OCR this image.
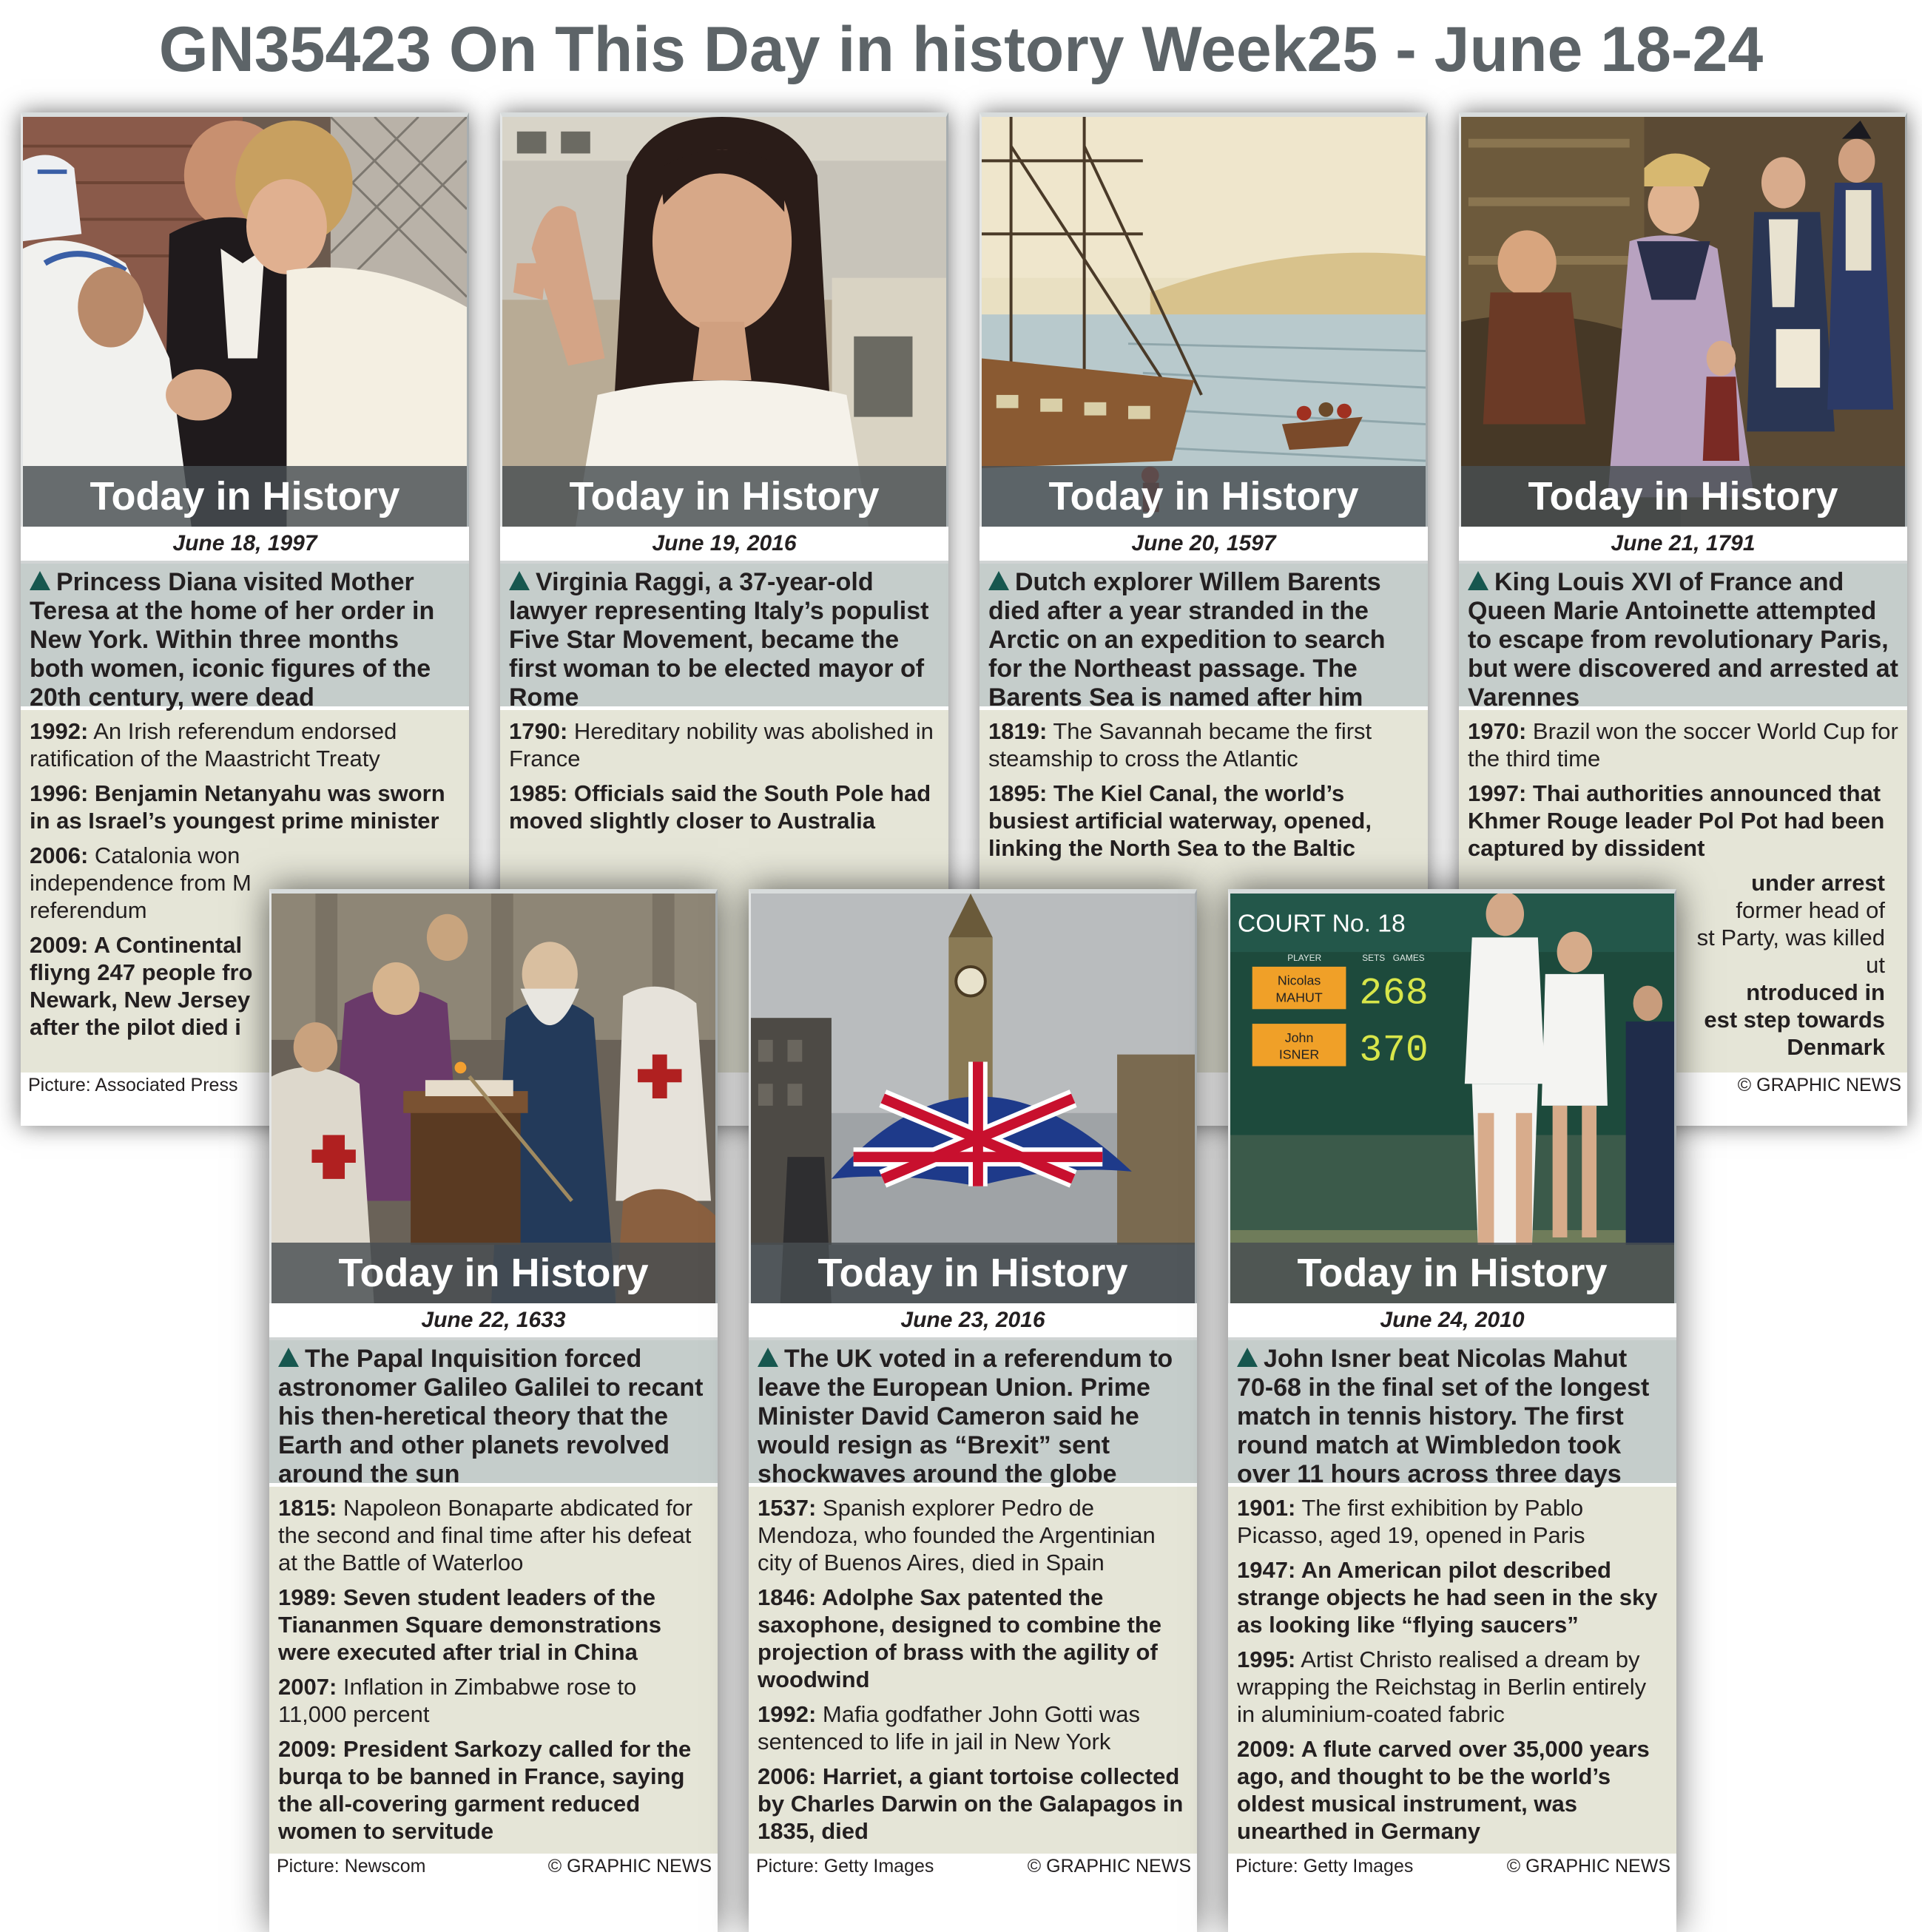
GN35423 On This Day in history Week25 - June 18-24
Today in History
June 18, 1997
Princess Diana visited Mother Teresa at the home of her order in New York. Within three months both women, iconic figures of the 20th century, were dead
1992: An Irish referendum endorsed ratification of the Maastricht Treaty
1996: Benjamin Netanyahu was sworn in as Israel’s youngest prime minister
2006: Catalonia won
independence from M
referendum
2009: A Continental
fliyng 247 people fro
Newark, New Jersey
after the pilot died i
Picture: Associated Press
Today in History
June 19, 2016
Virginia Raggi, a 37-year-old lawyer representing Italy’s populist Five Star Movement, became the first woman to be elected mayor of Rome
1790: Hereditary nobility was abolished in France
1985: Officials said the South Pole had moved slightly closer to Australia
Today in History
June 20, 1597
Dutch explorer Willem Barents died after a year stranded in the Arctic on an expedition to search for the Northeast passage. The Barents Sea is named after him
1819: The Savannah became the first steamship to cross the Atlantic
1895: The Kiel Canal, the world’s busiest artificial waterway, opened, linking the North Sea to the Baltic
Today in History
June 21, 1791
King Louis XVI of France and Queen Marie Antoinette attempted to escape from revolutionary Paris, but were discovered and arrested at Varennes
1970: Brazil won the soccer World Cup for the third time
1997: Thai authorities announced that Khmer Rouge leader Pol Pot had been captured by dissident
under arrest
former head of
st Party, was killed
ut
ntroduced in
est step towards
Denmark
© GRAPHIC NEWS
Today in History
June 22, 1633
The Papal Inquisition forced astronomer Galileo Galilei to recant his then-heretical theory that the Earth and other planets revolved around the sun
1815: Napoleon Bonaparte abdicated for the second and final time after his defeat at the Battle of Waterloo
1989: Seven student leaders of the Tiananmen Square demonstrations were executed after trial in China
2007: Inflation in Zimbabwe rose to 11,000 percent
2009: President Sarkozy called for the burqa to be banned in France, saying the all-covering garment reduced women to servitude
Picture: Newscom	© GRAPHIC NEWS
Today in History
June 23, 2016
The UK voted in a referendum to leave the European Union. Prime Minister David Cameron said he would resign as “Brexit” sent shockwaves around the globe
1537: Spanish explorer Pedro de Mendoza, who founded the Argentinian city of Buenos Aires, died in Spain
1846: Adolphe Sax patented the saxophone, designed to combine the projection of brass with the agility of woodwind
1992: Mafia godfather John Gotti was sentenced to life in jail in New York
2006: Harriet, a giant tortoise collected by Charles Darwin on the Galapagos in 1835, died
Picture: Getty Images	© GRAPHIC NEWS
COURT No. 18
PLAYER	SETS GAMES
Nicolas
MAHUT 2 68
John
ISNER 3 70
Today in History
June 24, 2010
John Isner beat Nicolas Mahut 70-68 in the final set of the longest match in tennis history. The first round match at Wimbledon took over 11 hours across three days
1901: The first exhibition by Pablo Picasso, aged 19, opened in Paris
1947: An American pilot described strange objects he had seen in the sky as looking like “flying saucers”
1995: Artist Christo realised a dream by wrapping the Reichstag in Berlin entirely in aluminium-coated fabric
2009: A flute carved over 35,000 years ago, and thought to be the world’s oldest musical instrument, was unearthed in Germany
Picture: Getty Images	© GRAPHIC NEWS
